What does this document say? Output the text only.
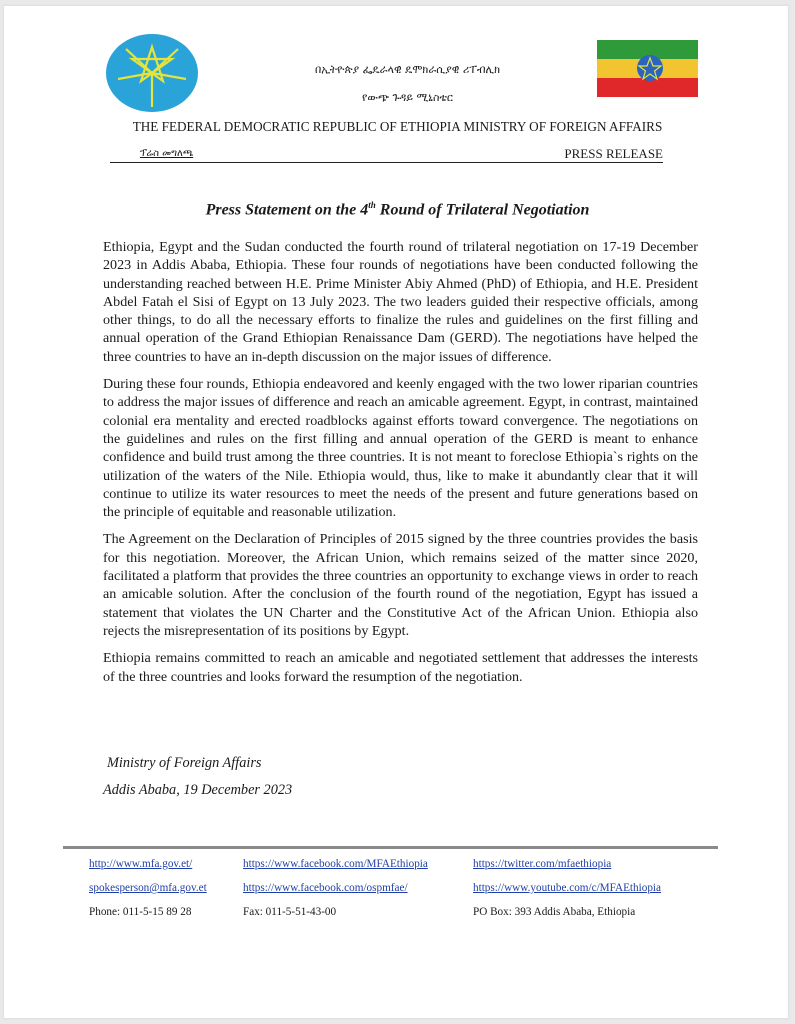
በኢትዮጵያ ፌዴራላዊ ዴሞክራሲያዊ ሪፐብሊክ
የውጭ ጉዳይ ሚኒስቴር
THE FEDERAL DEMOCRATIC REPUBLIC OF ETHIOPIA MINISTRY OF FOREIGN AFFAIRS
ፕሬስ መግለጫ	PRESS RELEASE
Press Statement on the 4th Round of Trilateral Negotiation

Ethiopia, Egypt and the Sudan conducted the fourth round of trilateral negotiation on 17-19 December 2023 in Addis Ababa, Ethiopia. These four rounds of negotiations have been conducted following the understanding reached between H.E. Prime Minister Abiy Ahmed (PhD) of Ethiopia, and H.E. President Abdel Fatah el Sisi of Egypt on 13 July 2023. The two leaders guided their respective officials, among other things, to do all the necessary efforts to finalize the rules and guidelines on the first filling and annual operation of the Grand Ethiopian Renaissance Dam (GERD). The negotiations have helped the three countries to have an in-depth discussion on the major issues of difference.

During these four rounds, Ethiopia endeavored and keenly engaged with the two lower riparian countries to address the major issues of difference and reach an amicable agreement. Egypt, in contrast, maintained colonial era mentality and erected roadblocks against efforts toward convergence. The negotiations on the guidelines and rules on the first filling and annual operation of the GERD is meant to enhance confidence and build trust among the three countries. It is not meant to foreclose Ethiopia`s rights on the utilization of the waters of the Nile. Ethiopia would, thus, like to make it abundantly clear that it will continue to utilize its water resources to meet the needs of the present and future generations based on the principle of equitable and reasonable utilization.

The Agreement on the Declaration of Principles of 2015 signed by the three countries provides the basis for this negotiation. Moreover, the African Union, which remains seized of the matter since 2020, facilitated a platform that provides the three countries an opportunity to exchange views in order to reach an amicable solution. After the conclusion of the fourth round of the negotiation, Egypt has issued a statement that violates the UN Charter and the Constitutive Act of the African Union. Ethiopia also rejects the misrepresentation of its positions by Egypt.

Ethiopia remains committed to reach an amicable and negotiated settlement that addresses the interests of the three countries and looks forward the resumption of the negotiation.

Ministry of Foreign Affairs
Addis Ababa, 19 December 2023
http://www.mfa.gov.et/	https://www.facebook.com/MFAEthiopia	https://twitter.com/mfaethiopia
spokesperson@mfa.gov.et	https://www.facebook.com/ospmfae/	https://www.youtube.com/c/MFAEthiopia
Phone: 011-5-15 89 28	Fax: 011-5-51-43-00	PO Box: 393 Addis Ababa, Ethiopia
